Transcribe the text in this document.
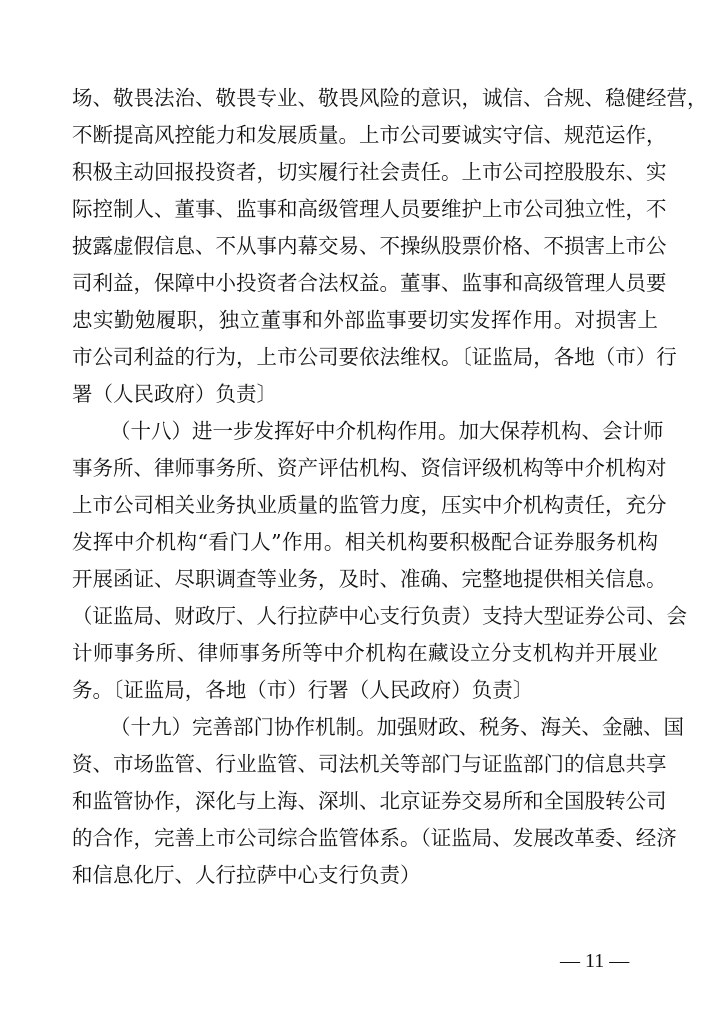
场、敬畏法治、敬畏专业、敬畏风险的意识，诚信、合规、稳健经营，
不断提高风控能力和发展质量。上市公司要诚实守信、规范运作，
积极主动回报投资者，切实履行社会责任。上市公司控股股东、实
际控制人、董事、监事和高级管理人员要维护上市公司独立性，不
披露虚假信息、不从事内幕交易、不操纵股票价格、不损害上市公
司利益，保障中小投资者合法权益。董事、监事和高级管理人员要
忠实勤勉履职，独立董事和外部监事要切实发挥作用。对损害上
市公司利益的行为，上市公司要依法维权。〔证监局，各地（市）行
署（人民政府）负责〕
（十八）进一步发挥好中介机构作用。加大保荐机构、会计师
事务所、律师事务所、资产评估机构、资信评级机构等中介机构对
上市公司相关业务执业质量的监管力度，压实中介机构责任，充分
发挥中介机构“看门人”作用。相关机构要积极配合证券服务机构
开展函证、尽职调查等业务，及时、准确、完整地提供相关信息。
（证监局、财政厅、人行拉萨中心支行负责）支持大型证券公司、会
计师事务所、律师事务所等中介机构在藏设立分支机构并开展业
务。〔证监局，各地（市）行署（人民政府）负责〕
（十九）完善部门协作机制。加强财政、税务、海关、金融、国
资、市场监管、行业监管、司法机关等部门与证监部门的信息共享
和监管协作，深化与上海、深圳、北京证券交易所和全国股转公司
的合作，完善上市公司综合监管体系。（证监局、发展改革委、经济
和信息化厅、人行拉萨中心支行负责）
— 11 —
